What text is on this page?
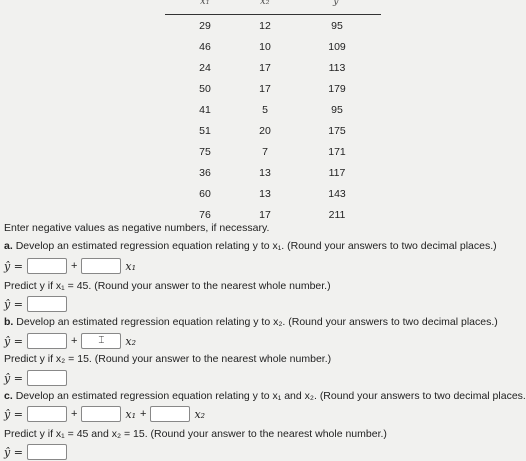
x₁	x₂	y
29	12	95
46	10	109
24	17	113
50	17	179
41	5	95
51	20	175
75	7	171
36	13	117
60	13	143
76	17	211
Enter negative values as negative numbers, if necessary.
a. Develop an estimated regression equation relating y to x₁. (Round your answers to two decimal places.)
ŷ =	+	x₁
Predict y if x₁ = 45. (Round your answer to the nearest whole number.)
ŷ =
b. Develop an estimated regression equation relating y to x₂. (Round your answers to two decimal places.)
ŷ =	+	⌶	x₂
Predict y if x₂ = 15. (Round your answer to the nearest whole number.)
ŷ =
c. Develop an estimated regression equation relating y to x₁ and x₂. (Round your answers to two decimal places.
ŷ =	+	x₁ +	x₂
Predict y if x₁ = 45 and x₂ = 15. (Round your answer to the nearest whole number.)
ŷ =
